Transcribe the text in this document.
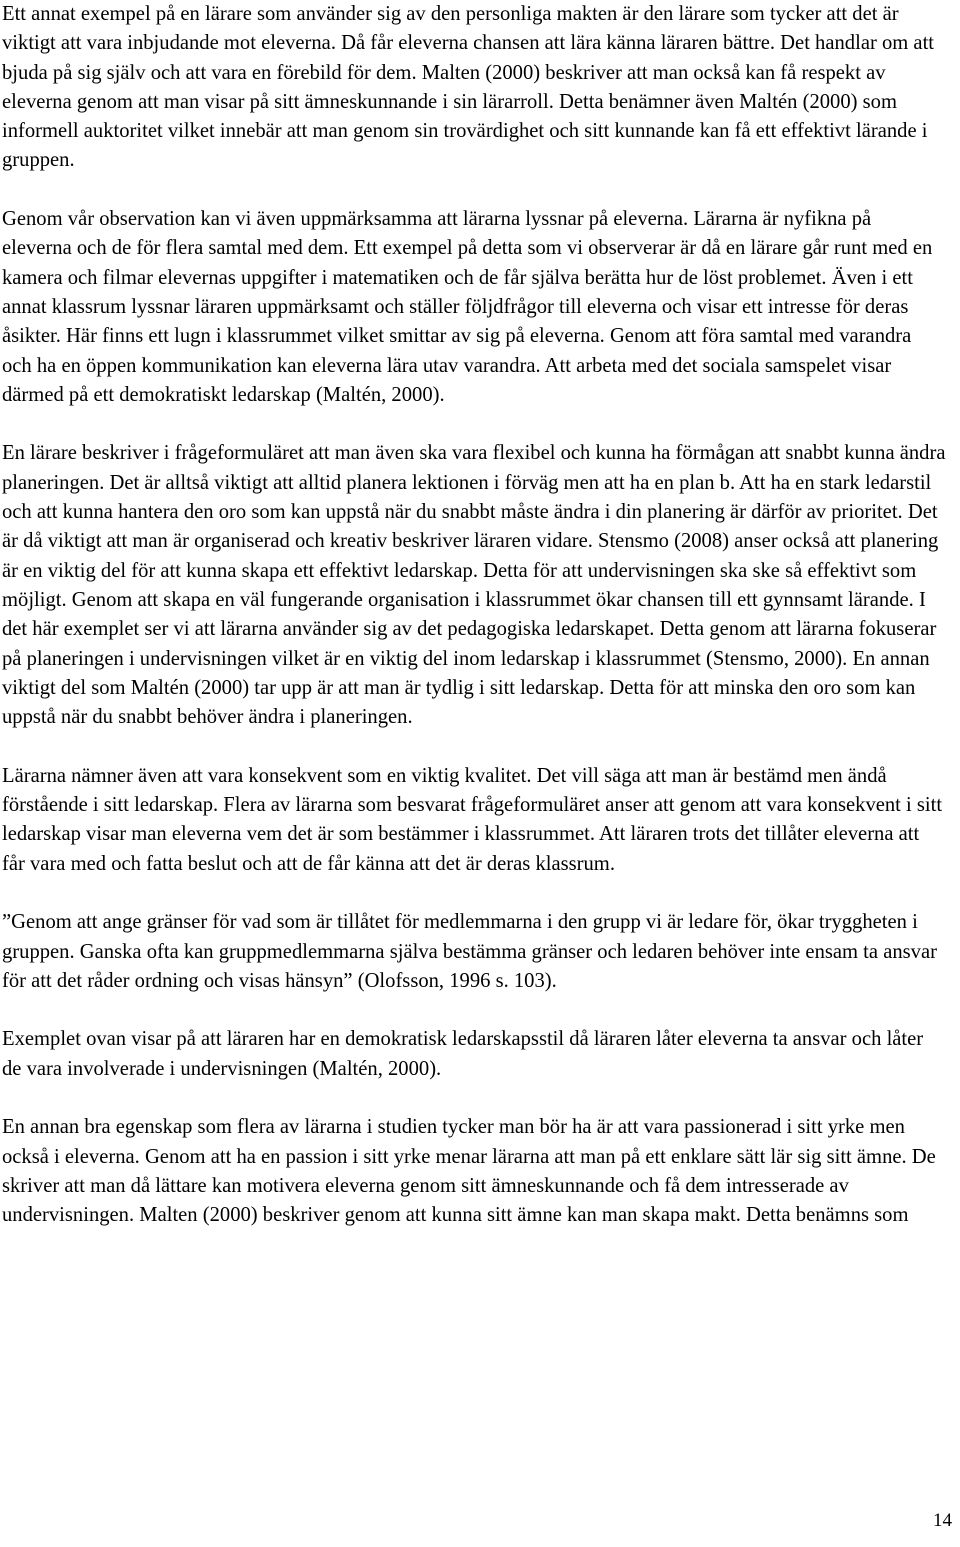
Ett annat exempel på en lärare som använder sig av den personliga makten är den lärare som tycker att det är viktigt att vara inbjudande mot eleverna. Då får eleverna chansen att lära känna läraren bättre. Det handlar om att bjuda på sig själv och att vara en förebild för dem. Malten (2000) beskriver att man också kan få respekt av eleverna genom att man visar på sitt ämneskunnande i sin lärarroll. Detta benämner även Maltén (2000) som informell auktoritet vilket innebär att man genom sin trovärdighet och sitt kunnande kan få ett effektivt lärande i gruppen.

Genom vår observation kan vi även uppmärksamma att lärarna lyssnar på eleverna. Lärarna är nyfikna på eleverna och de för flera samtal med dem. Ett exempel på detta som vi observerar är då en lärare går runt med en kamera och filmar elevernas uppgifter i matematiken och de får själva berätta hur de löst problemet. Även i ett annat klassrum lyssnar läraren uppmärksamt och ställer följdfrågor till eleverna och visar ett intresse för deras åsikter. Här finns ett lugn i klassrummet vilket smittar av sig på eleverna. Genom att föra samtal med varandra och ha en öppen kommunikation kan eleverna lära utav varandra. Att arbeta med det sociala samspelet visar därmed på ett demokratiskt ledarskap (Maltén, 2000).

En lärare beskriver i frågeformuläret att man även ska vara flexibel och kunna ha förmågan att snabbt kunna ändra planeringen. Det är alltså viktigt att alltid planera lektionen i förväg men att ha en plan b. Att ha en stark ledarstil och att kunna hantera den oro som kan uppstå när du snabbt måste ändra i din planering är därför av prioritet. Det är då viktigt att man är organiserad och kreativ beskriver läraren vidare. Stensmo (2008) anser också att planering är en viktig del för att kunna skapa ett effektivt ledarskap. Detta för att undervisningen ska ske så effektivt som möjligt. Genom att skapa en väl fungerande organisation i klassrummet ökar chansen till ett gynnsamt lärande. I det här exemplet ser vi att lärarna använder sig av det pedagogiska ledarskapet. Detta genom att lärarna fokuserar på planeringen i undervisningen vilket är en viktig del inom ledarskap i klassrummet (Stensmo, 2000). En annan viktigt del som Maltén (2000) tar upp är att man är tydlig i sitt ledarskap. Detta för att minska den oro som kan uppstå när du snabbt behöver ändra i planeringen.

Lärarna nämner även att vara konsekvent som en viktig kvalitet. Det vill säga att man är bestämd men ändå förstående i sitt ledarskap. Flera av lärarna som besvarat frågeformuläret anser att genom att vara konsekvent i sitt ledarskap visar man eleverna vem det är som bestämmer i klassrummet. Att läraren trots det tillåter eleverna att får vara med och fatta beslut och att de får känna att det är deras klassrum.

”Genom att ange gränser för vad som är tillåtet för medlemmarna i den grupp vi är ledare för, ökar tryggheten i gruppen. Ganska ofta kan gruppmedlemmarna själva bestämma gränser och ledaren behöver inte ensam ta ansvar för att det råder ordning och visas hänsyn” (Olofsson, 1996 s. 103).

Exemplet ovan visar på att läraren har en demokratisk ledarskapsstil då läraren låter eleverna ta ansvar och låter de vara involverade i undervisningen (Maltén, 2000).

En annan bra egenskap som flera av lärarna i studien tycker man bör ha är att vara passionerad i sitt yrke men också i eleverna. Genom att ha en passion i sitt yrke menar lärarna att man på ett enklare sätt lär sig sitt ämne. De skriver att man då lättare kan motivera eleverna genom sitt ämneskunnande och få dem intresserade av undervisningen. Malten (2000) beskriver genom att kunna sitt ämne kan man skapa makt. Detta benämns som

14
